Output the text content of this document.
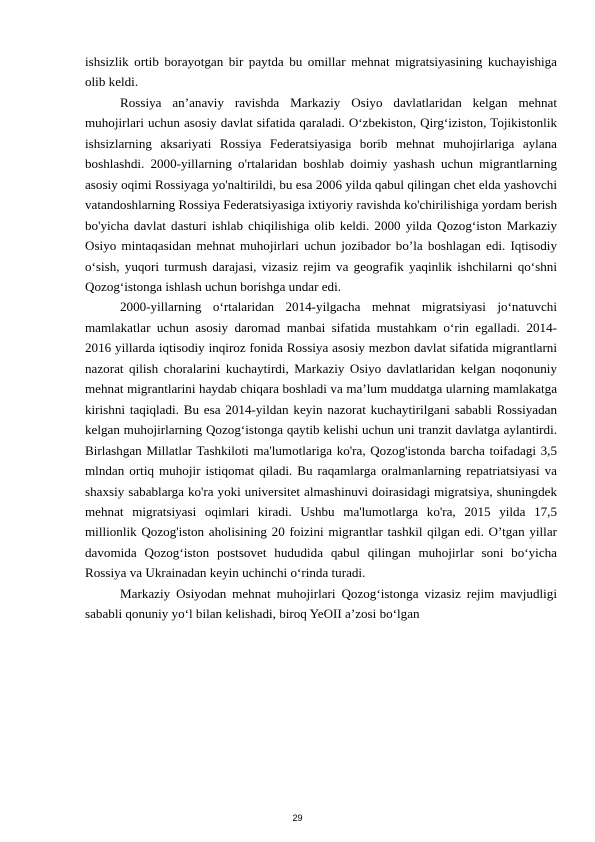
ishsizlik ortib borayotgan bir paytda bu omillar mehnat migratsiyasining kuchayishiga olib keldi.

Rossiya an’anaviy ravishda Markaziy Osiyo davlatlaridan kelgan mehnat muhojirlari uchun asosiy davlat sifatida qaraladi. O‘zbekiston, Qirg‘iziston, Tojikistonlik ishsizlarning aksariyati Rossiya Federatsiyasiga borib mehnat muhojirlariga aylana boshlashdi. 2000-yillarning o'rtalaridan boshlab doimiy yashash uchun migrantlarning asosiy oqimi Rossiyaga yo'naltirildi, bu esa 2006 yilda qabul qilingan chet elda yashovchi vatandoshlarning Rossiya Federatsiyasiga ixtiyoriy ravishda ko'chirilishiga yordam berish bo'yicha davlat dasturi ishlab chiqilishiga olib keldi. 2000 yilda Qozog‘iston Markaziy Osiyo mintaqasidan mehnat muhojirlari uchun jozibador bo’la boshlagan edi. Iqtisodiy o‘sish, yuqori turmush darajasi, vizasiz rejim va geografik yaqinlik ishchilarni qo‘shni Qozog‘istonga ishlash uchun borishga undar edi.

2000-yillarning o‘rtalaridan 2014-yilgacha mehnat migratsiyasi jo‘natuvchi mamlakatlar uchun asosiy daromad manbai sifatida mustahkam o‘rin egalladi. 2014- 2016 yillarda iqtisodiy inqiroz fonida Rossiya asosiy mezbon davlat sifatida migrantlarni nazorat qilish choralarini kuchaytirdi, Markaziy Osiyo davlatlaridan kelgan noqonuniy mehnat migrantlarini haydab chiqara boshladi va ma’lum muddatga ularning mamlakatga kirishni taqiqladi. Bu esa 2014-yildan keyin nazorat kuchaytirilgani sababli Rossiyadan kelgan muhojirlarning Qozog‘istonga qaytib kelishi uchun uni tranzit davlatga aylantirdi. Birlashgan Millatlar Tashkiloti ma'lumotlariga ko'ra, Qozog'istonda barcha toifadagi 3,5 mlndan ortiq muhojir istiqomat qiladi. Bu raqamlarga oralmanlarning repatriatsiyasi va shaxsiy sabablarga ko'ra yoki universitet almashinuvi doirasidagi migratsiya, shuningdek mehnat migratsiyasi oqimlari kiradi. Ushbu ma'lumotlarga ko'ra, 2015 yilda 17,5 millionlik Qozog'iston aholisining 20 foizini migrantlar tashkil qilgan edi. O’tgan yillar davomida Qozog‘iston postsovet hududida qabul qilingan muhojirlar soni bo‘yicha Rossiya va Ukrainadan keyin uchinchi o‘rinda turadi.

Markaziy Osiyodan mehnat muhojirlari Qozog‘istonga vizasiz rejim mavjudligi sababli qonuniy yo‘l bilan kelishadi, biroq YeOII a’zosi bo‘lgan

29
